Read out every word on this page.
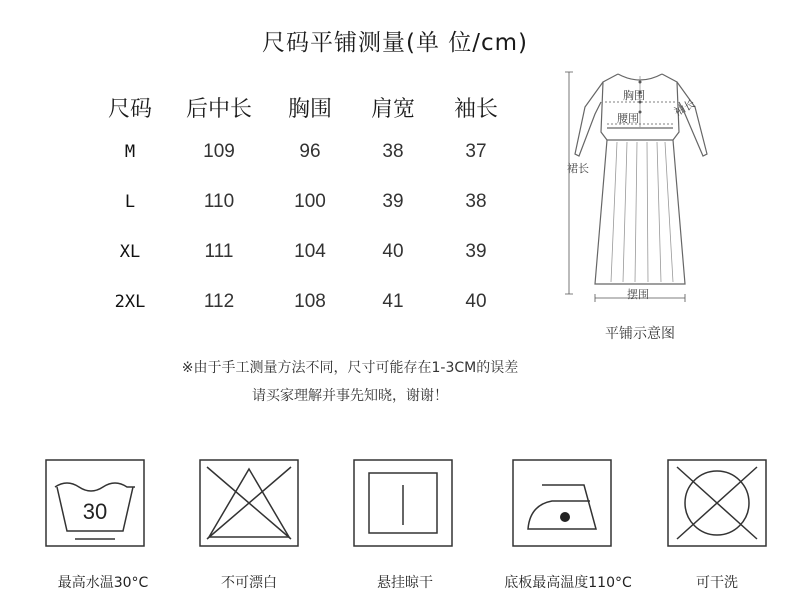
尺码平铺测量(单 位/cm)
尺码	后中长	胸围	肩宽	袖长
M	109	96	38	37
L	110	100	39	38
XL	111	104	40	39
2XL	112	108	41	40
胸围
腰围	袖长
裙长
摆围
平铺示意图
※由于手工测量方法不同，尺寸可能存在1-3CM的误差
请买家理解并事先知晓，谢谢！
30
最高水温30°C	不可漂白	悬挂晾干	底板最高温度110°C	可干洗
